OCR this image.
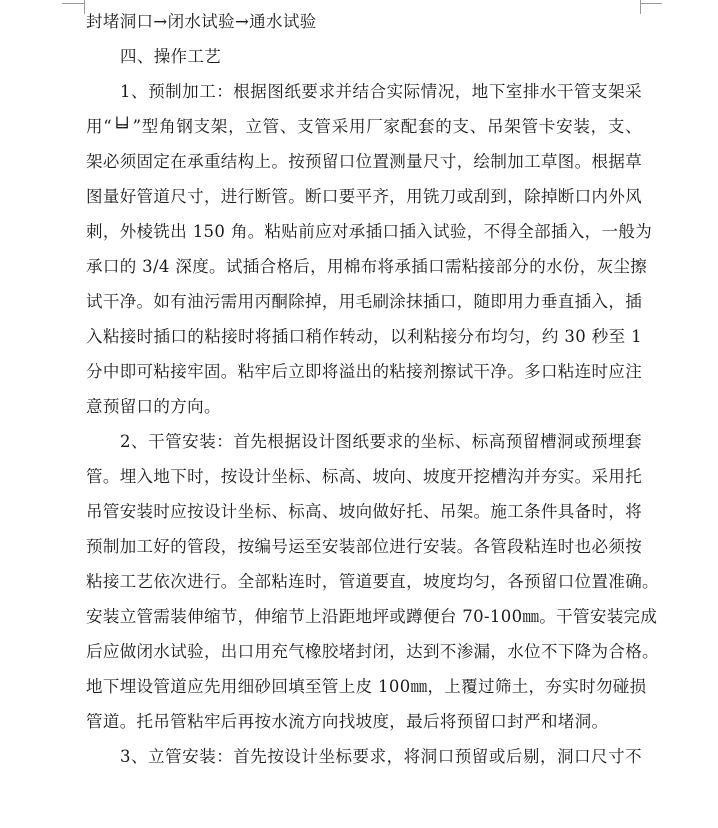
封堵洞口→闭水试验→通水试验
四、操作工艺
1、预制加工：根据图纸要求并结合实际情况，地下室排水干管支架采
用“╘╛”型角钢支架，立管、支管采用厂家配套的支、吊架管卡安装，支、
架必须固定在承重结构上。按预留口位置测量尺寸，绘制加工草图。根据草
图量好管道尺寸，进行断管。断口要平齐，用铣刀或刮到，除掉断口内外风
刺，外棱铣出 150 角。粘贴前应对承插口插入试验，不得全部插入，一般为
承口的 3/4 深度。试插合格后，用棉布将承插口需粘接部分的水份，灰尘擦
试干净。如有油污需用丙酮除掉，用毛刷涂抹插口，随即用力垂直插入，插
入粘接时插口的粘接时将插口稍作转动，以利粘接分布均匀，约 30 秒至 1
分中即可粘接牢固。粘牢后立即将溢出的粘接剂擦试干净。多口粘连时应注
意预留口的方向。
2、干管安装：首先根据设计图纸要求的坐标、标高预留槽洞或预埋套
管。埋入地下时，按设计坐标、标高、坡向、坡度开挖槽沟并夯实。采用托
吊管安装时应按设计坐标、标高、坡向做好托、吊架。施工条件具备时，将
预制加工好的管段，按编号运至安装部位进行安装。各管段粘连时也必须按
粘接工艺依次进行。全部粘连时，管道要直，坡度均匀，各预留口位置准确。
安装立管需装伸缩节，伸缩节上沿距地坪或蹲便台 70-100㎜。干管安装完成
后应做闭水试验，出口用充气橡胶堵封闭，达到不渗漏，水位不下降为合格。
地下埋设管道应先用细砂回填至管上皮 100㎜，上覆过筛土，夯实时勿碰损
管道。托吊管粘牢后再按水流方向找坡度，最后将预留口封严和堵洞。
3、立管安装：首先按设计坐标要求，将洞口预留或后剔，洞口尺寸不
